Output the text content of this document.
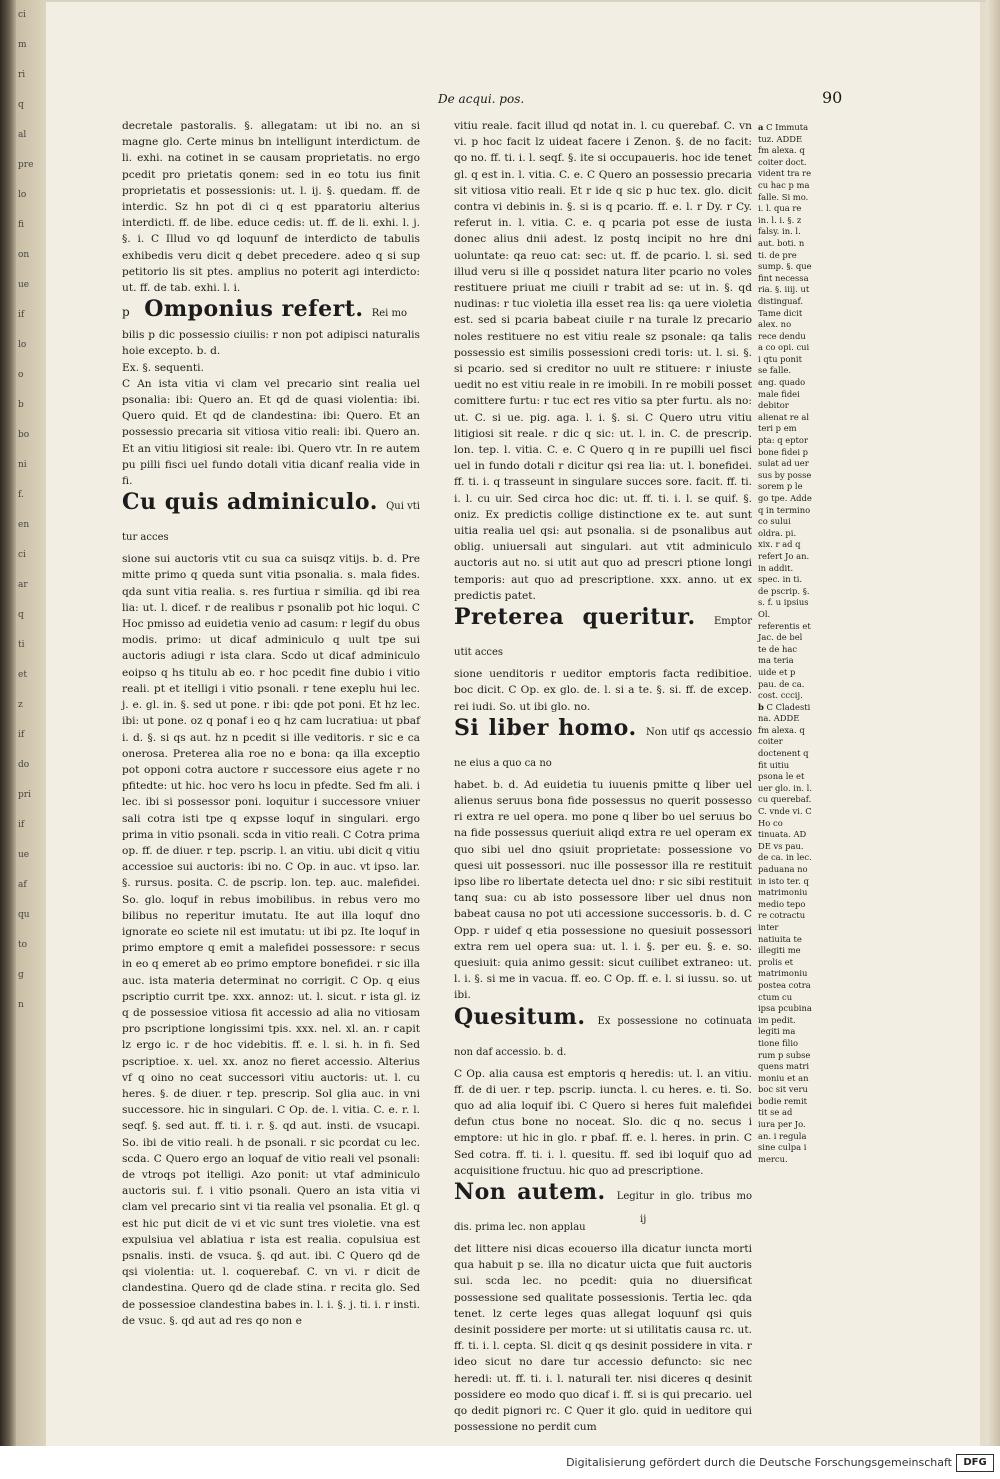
ci
m
ri
q
al
pre
lo
fi
on
ue
if
lo
o
b
bo
ni
f.
en
ci
ar
q
ti
et
z
if
do
pri
if
ue
af
qu
to
g
n
De acqui. pos.	90

decretale pastoralis. §. allegatam: ut ibi no. an si magne glo. Certe minus bn intelligunt interdictum. de li. exhi. na cotinet in se causam proprietatis. no ergo pcedit pro prietatis qonem: sed in eo totu ius finit proprietatis et possessionis: ut. l. ij. §. quedam. ff. de interdic. Sz hn pot di ci q est pparatoriu alterius interdicti. ff. de libe. educe cedis: ut. ff. de li. exhi. l. j. §. i. C Illud vo qd loquunf de interdicto de tabulis exhibedis veru dicit q debet precedere. adeo q si sup petitorio lis sit ptes. amplius no poterit agi interdicto: ut. ff. de tab. exhi. l. i.

p Omponius refert. Rei mo

bilis p dic possessio ciuilis: r non pot adipisci naturalis hoie excepto. b. d.

Ex. §. sequenti.

C An ista vitia vi clam vel precario sint realia uel psonalia: ibi: Quero an. Et qd de quasi violentia: ibi. Quero quid. Et qd de clandestina: ibi: Quero. Et an possessio precaria sit vitiosa vitio reali: ibi. Quero an. Et an vitiu litigiosi sit reale: ibi. Quero vtr. In re autem pu pilli fisci uel fundo dotali vitia dicanf realia vide in fi.

Cu quis adminiculo. Qui vti tur acces

sione sui auctoris vtit cu sua ca suisqz vitijs. b. d. Pre mitte primo q queda sunt vitia psonalia. s. mala fides. qda sunt vitia realia. s. res furtiua r similia. qd ibi rea lia: ut. l. dicef. r de realibus r psonalib pot hic loqui. C Hoc pmisso ad euidetia venio ad casum: r legif du obus modis. primo: ut dicaf adminiculo q uult tpe sui auctoris adiugi r ista clara. Scdo ut dicaf adminiculo eoipso q hs titulu ab eo. r hoc pcedit fine dubio i vitio reali. pt et itelligi i vitio psonali. r tene exeplu hui lec. j. e. gl. in. §. sed ut pone. r ibi: qde pot poni. Et hz lec. ibi: ut pone. oz q ponaf i eo q hz cam lucratiua: ut pbaf i. d. §. si qs aut. hz n pcedit si ille veditoris. r sic e ca onerosa. Preterea alia roe no e bona: qa illa exceptio pot opponi cotra auctore r successore eius agete r no pfitedte: ut hic. hoc vero hs locu in pfedte. Sed fm ali. i lec. ibi si possessor poni. loquitur i successore vniuer sali cotra isti tpe q expsse loquf in singulari. ergo prima in vitio psonali. scda in vitio reali. C Cotra prima op. ff. de diuer. r tep. pscrip. l. an vitiu. ubi dicit q vitiu accessioe sui auctoris: ibi no. C Op. in auc. vt ipso. lar. §. rursus. posita. C. de pscrip. lon. tep. auc. malefidei. So. glo. loquf in rebus imobilibus. in rebus vero mo bilibus no reperitur imutatu. Ite aut illa loquf dno ignorate eo sciete nil est imutatu: ut ibi pz. Ite loquf in primo emptore q emit a malefidei possessore: r secus in eo q emeret ab eo primo emptore bonefidei. r sic illa auc. ista materia determinat no corrigit. C Op. q eius pscriptio currit tpe. xxx. annoz: ut. l. sicut. r ista gl. iz q de possessioe vitiosa fit accessio ad alia no vitiosam pro pscriptione longissimi tpis. xxx. nel. xl. an. r capit lz ergo ic. r de hoc videbitis. ff. e. l. si. h. in fi. Sed pscriptioe. x. uel. xx. anoz no fieret accessio. Alterius vf q oino no ceat successori vitiu auctoris: ut. l. cu heres. §. de diuer. r tep. prescrip. Sol glia auc. in vni successore. hic in singulari. C Op. de. l. vitia. C. e. r. l. seqf. §. sed aut. ff. ti. i. r. §. qd aut. insti. de vsucapi. So. ibi de vitio reali. h de psonali. r sic pcordat cu lec. scda. C Quero ergo an loquaf de vitio reali vel psonali: de vtroqs pot itelligi. Azo ponit: ut vtaf adminiculo auctoris sui. f. i vitio psonali. Quero an ista vitia vi clam vel precario sint vi tia realia vel psonalia. Et gl. q est hic put dicit de vi et vic sunt tres violetie. vna est expulsiua vel ablatiua r ista est realia. copulsiua est psnalis. insti. de vsuca. §. qd aut. ibi. C Quero qd de qsi violentia: ut. l. coquerebaf. C. vn vi. r dicit de clandestina. Quero qd de clade stina. r recita glo. Sed de possessioe clandestina babes in. l. i. §. j. ti. i. r insti. de vsuc. §. qd aut ad res qo non e

vitiu reale. facit illud qd notat in. l. cu querebaf. C. vn vi. p hoc facit lz uideat facere i Zenon. §. de no facit: qo no. ff. ti. i. l. seqf. §. ite si occupaueris. hoc ide tenet gl. q est in. l. vitia. C. e. C Quero an possessio precaria sit vitiosa vitio reali. Et r ide q sic p huc tex. glo. dicit contra vi debinis in. §. si is q pcario. ff. e. l. r Dy. r Cy. referut in. l. vitia. C. e. q pcaria pot esse de iusta donec alius dnii adest. lz postq incipit no hre dni uoluntate: qa reuo cat: sec: ut. ff. de pcario. l. si. sed illud veru si ille q possidet natura liter pcario no voles restituere priuat me ciuili r trabit ad se: ut in. §. qd nudinas: r tuc violetia illa esset rea lis: qa uere violetia est. sed si pcaria babeat ciuile r na turale lz precario noles restituere no est vitiu reale sz psonale: qa talis possessio est similis possessioni credi toris: ut. l. si. §. si pcario. sed si creditor no uult re stituere: r iniuste uedit no est vitiu reale in re imobili. In re mobili posset comittere furtu: r tuc ect res vitio sa pter furtu. als no: ut. C. si ue. pig. aga. l. i. §. si. C Quero utru vitiu litigiosi sit reale. r dic q sic: ut. l. in. C. de prescrip. lon. tep. l. vitia. C. e. C Quero q in re pupilli uel fisci uel in fundo dotali r dicitur qsi rea lia: ut. l. bonefidei. ff. ti. i. q trasseunt in singulare succes sore. facit. ff. ti. i. l. cu uir. Sed circa hoc dic: ut. ff. ti. i. l. se quif. §. oniz. Ex predictis collige distinctione ex te. aut sunt uitia realia uel qsi: aut psonalia. si de psonalibus aut oblig. uniuersali aut singulari. aut vtit adminiculo auctoris aut no. si utit aut quo ad prescri ptione longi temporis: aut quo ad prescriptione. xxx. anno. ut ex predictis patet.

Preterea queritur. Emptor utit acces

sione uenditoris r ueditor emptoris facta redibitioe. boc dicit. C Op. ex glo. de. l. si a te. §. si. ff. de excep. rei iudi. So. ut ibi glo. no.

Si liber homo. Non utif qs accessio ne eius a quo ca no

habet. b. d. Ad euidetia tu iuuenis pmitte q liber uel alienus seruus bona fide possessus no querit possesso ri extra re uel opera. mo pone q liber bo uel seruus bo na fide possessus queriuit aliqd extra re uel operam ex quo sibi uel dno qsiuit proprietate: possessione vo quesi uit possessori. nuc ille possessor illa re restituit ipso libe ro libertate detecta uel dno: r sic sibi restituit tanq sua: cu ab isto possessore liber uel dnus non babeat causa no pot uti accessione successoris. b. d. C Opp. r uidef q etia possessione no quesiuit possessori extra rem uel opera sua: ut. l. i. §. per eu. §. e. so. quesiuit: quia animo gessit: sicut cuilibet extraneo: ut. l. i. §. si me in vacua. ff. eo. C Op. ff. e. l. si iussu. so. ut ibi.

Quesitum. Ex possessione no cotinuata non daf accessio. b. d.

C Op. alia causa est emptoris q heredis: ut. l. an vitiu. ff. de di uer. r tep. pscrip. iuncta. l. cu heres. e. ti. So. quo ad alia loquif ibi. C Quero si heres fuit malefidei defun ctus bone no noceat. Slo. dic q no. secus i emptore: ut hic in glo. r pbaf. ff. e. l. heres. in prin. C Sed cotra. ff. ti. i. l. quesitu. ff. sed ibi loquif quo ad acquisitione fructuu. hic quo ad prescriptione.

Non autem. Legitur in glo. tribus mo dis. prima lec. non applau

det littere nisi dicas ecouerso illa dicatur iuncta morti qua habuit p se. illa no dicatur uicta que fuit auctoris sui. scda lec. no pcedit: quia no diuersificat possessione sed qualitate possessionis. Tertia lec. qda tenet. lz certe leges quas allegat loquunf qsi quis desinit possidere per morte: ut si utilitatis causa rc. ut. ff. ti. i. l. cepta. Sl. dicit q qs desinit possidere in vita. r ideo sicut no dare tur accessio defuncto: sic nec heredi: ut. ff. ti. i. l. naturali ter. nisi diceres q desinit possidere eo modo quo dicaf i. ff. si is qui precario. uel qo dedit pignori rc. C Quer it glo. quid in ueditore qui possessione no perdit cum

a C Immuta tuz. ADDE fm alexa. q coiter doct. vident tra re cu hac p ma falle. Si mo. i. l. qua re in. l. i. §. z falsy. in. l. aut. boti. n ti. de pre sump. §. que fint necessa ria. §. iiij. ut distinguaf. Tame dicit alex. no rece dendu a co opi. cui i qtu ponit se falle. ang. quado male fidei debitor alienat re al teri p em pta: q eptor bone fidei p sulat ad uer sus by posse sorem p le go tpe. Adde q in termino co sului oldra. pi. xix. r ad q refert Jo an. in addit. spec. in ti. de pscrip. §. s. f. u ipsius Ol. referentis et Jac. de bel te de hac ma teria uide et p pau. de ca. cost. cccij.

b C Cladesti na. ADDE fm alexa. q coiter doctenent q fit uitiu psona le et uer glo. in. l. cu querebaf. C. vnde vi. C Ho co tinuata. AD DE vs pau. de ca. in lec. paduana no in isto ter. q matrimoniu medio tepo re cotractu inter natiuita te illegiti me prolis et matrimoniu postea cotra ctum cu ipsa pcubina im pedit. legiti ma tione filio rum p subse quens matri moniu et an boc sit veru bodie remit tit se ad iura per Jo. an. i regula sine culpa i mercu.

ij
Digitalisierung gefördert durch die Deutsche Forschungsgemeinschaft	DFG
